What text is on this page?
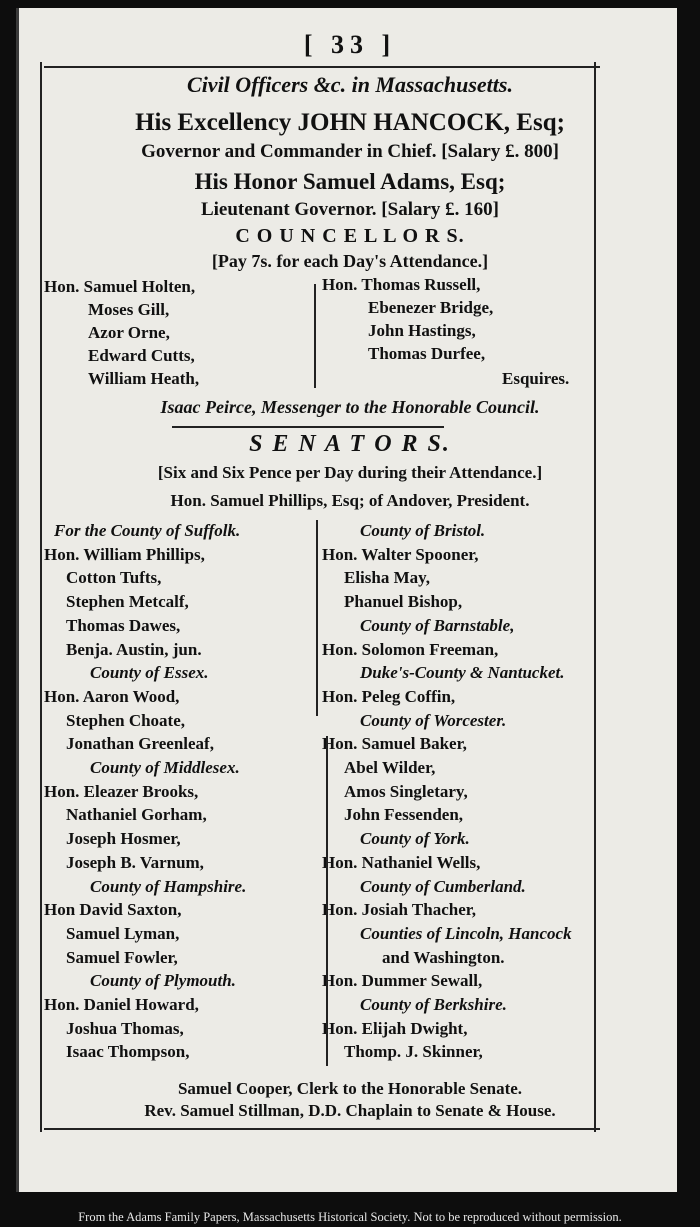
[ 33 ]
Civil Officers &c. in Massachusetts.
His Excellency JOHN HANCOCK, Esq;
Governor and Commander in Chief. [Salary £. 800]
His Honor Samuel Adams, Esq;
Lieutenant Governor. [Salary £. 160]
C O U N C E L L O R S.
[Pay 7s. for each Day's Attendance.]
Hon. Samuel Holten,
Moses Gill,
Azor Orne,
Edward Cutts,
William Heath,
Hon. Thomas Russell,
Ebenezer Bridge,
John Hastings,
Thomas Durfee,
Esquires.
Isaac Peirce, Messenger to the Honorable Council.
S E N A T O R S.
[Six and Six Pence per Day during their Attendance.]
Hon. Samuel Phillips, Esq; of Andover, President.
For the County of Suffolk.
Hon. William Phillips,
Cotton Tufts,
Stephen Metcalf,
Thomas Dawes,
Benja. Austin, jun.
County of Essex.
Hon. Aaron Wood,
Stephen Choate,
Jonathan Greenleaf,
County of Middlesex.
Hon. Eleazer Brooks,
Nathaniel Gorham,
Joseph Hosmer,
Joseph B. Varnum,
County of Hampshire.
Hon David Saxton,
Samuel Lyman,
Samuel Fowler,
County of Plymouth.
Hon. Daniel Howard,
Joshua Thomas,
Isaac Thompson,
County of Bristol.
Hon. Walter Spooner,
Elisha May,
Phanuel Bishop,
County of Barnstable,
Hon. Solomon Freeman,
Duke's-County & Nantucket.
Hon. Peleg Coffin,
County of Worcester.
Hon. Samuel Baker,
Abel Wilder,
Amos Singletary,
John Fessenden,
County of York.
Hon. Nathaniel Wells,
County of Cumberland.
Hon. Josiah Thacher,
Counties of Lincoln, Hancock
and Washington.
Hon. Dummer Sewall,
County of Berkshire.
Hon. Elijah Dwight,
Thomp. J. Skinner,
Samuel Cooper, Clerk to the Honorable Senate.
Rev. Samuel Stillman, D.D. Chaplain to Senate & House.
From the Adams Family Papers, Massachusetts Historical Society. Not to be reproduced without permission.
